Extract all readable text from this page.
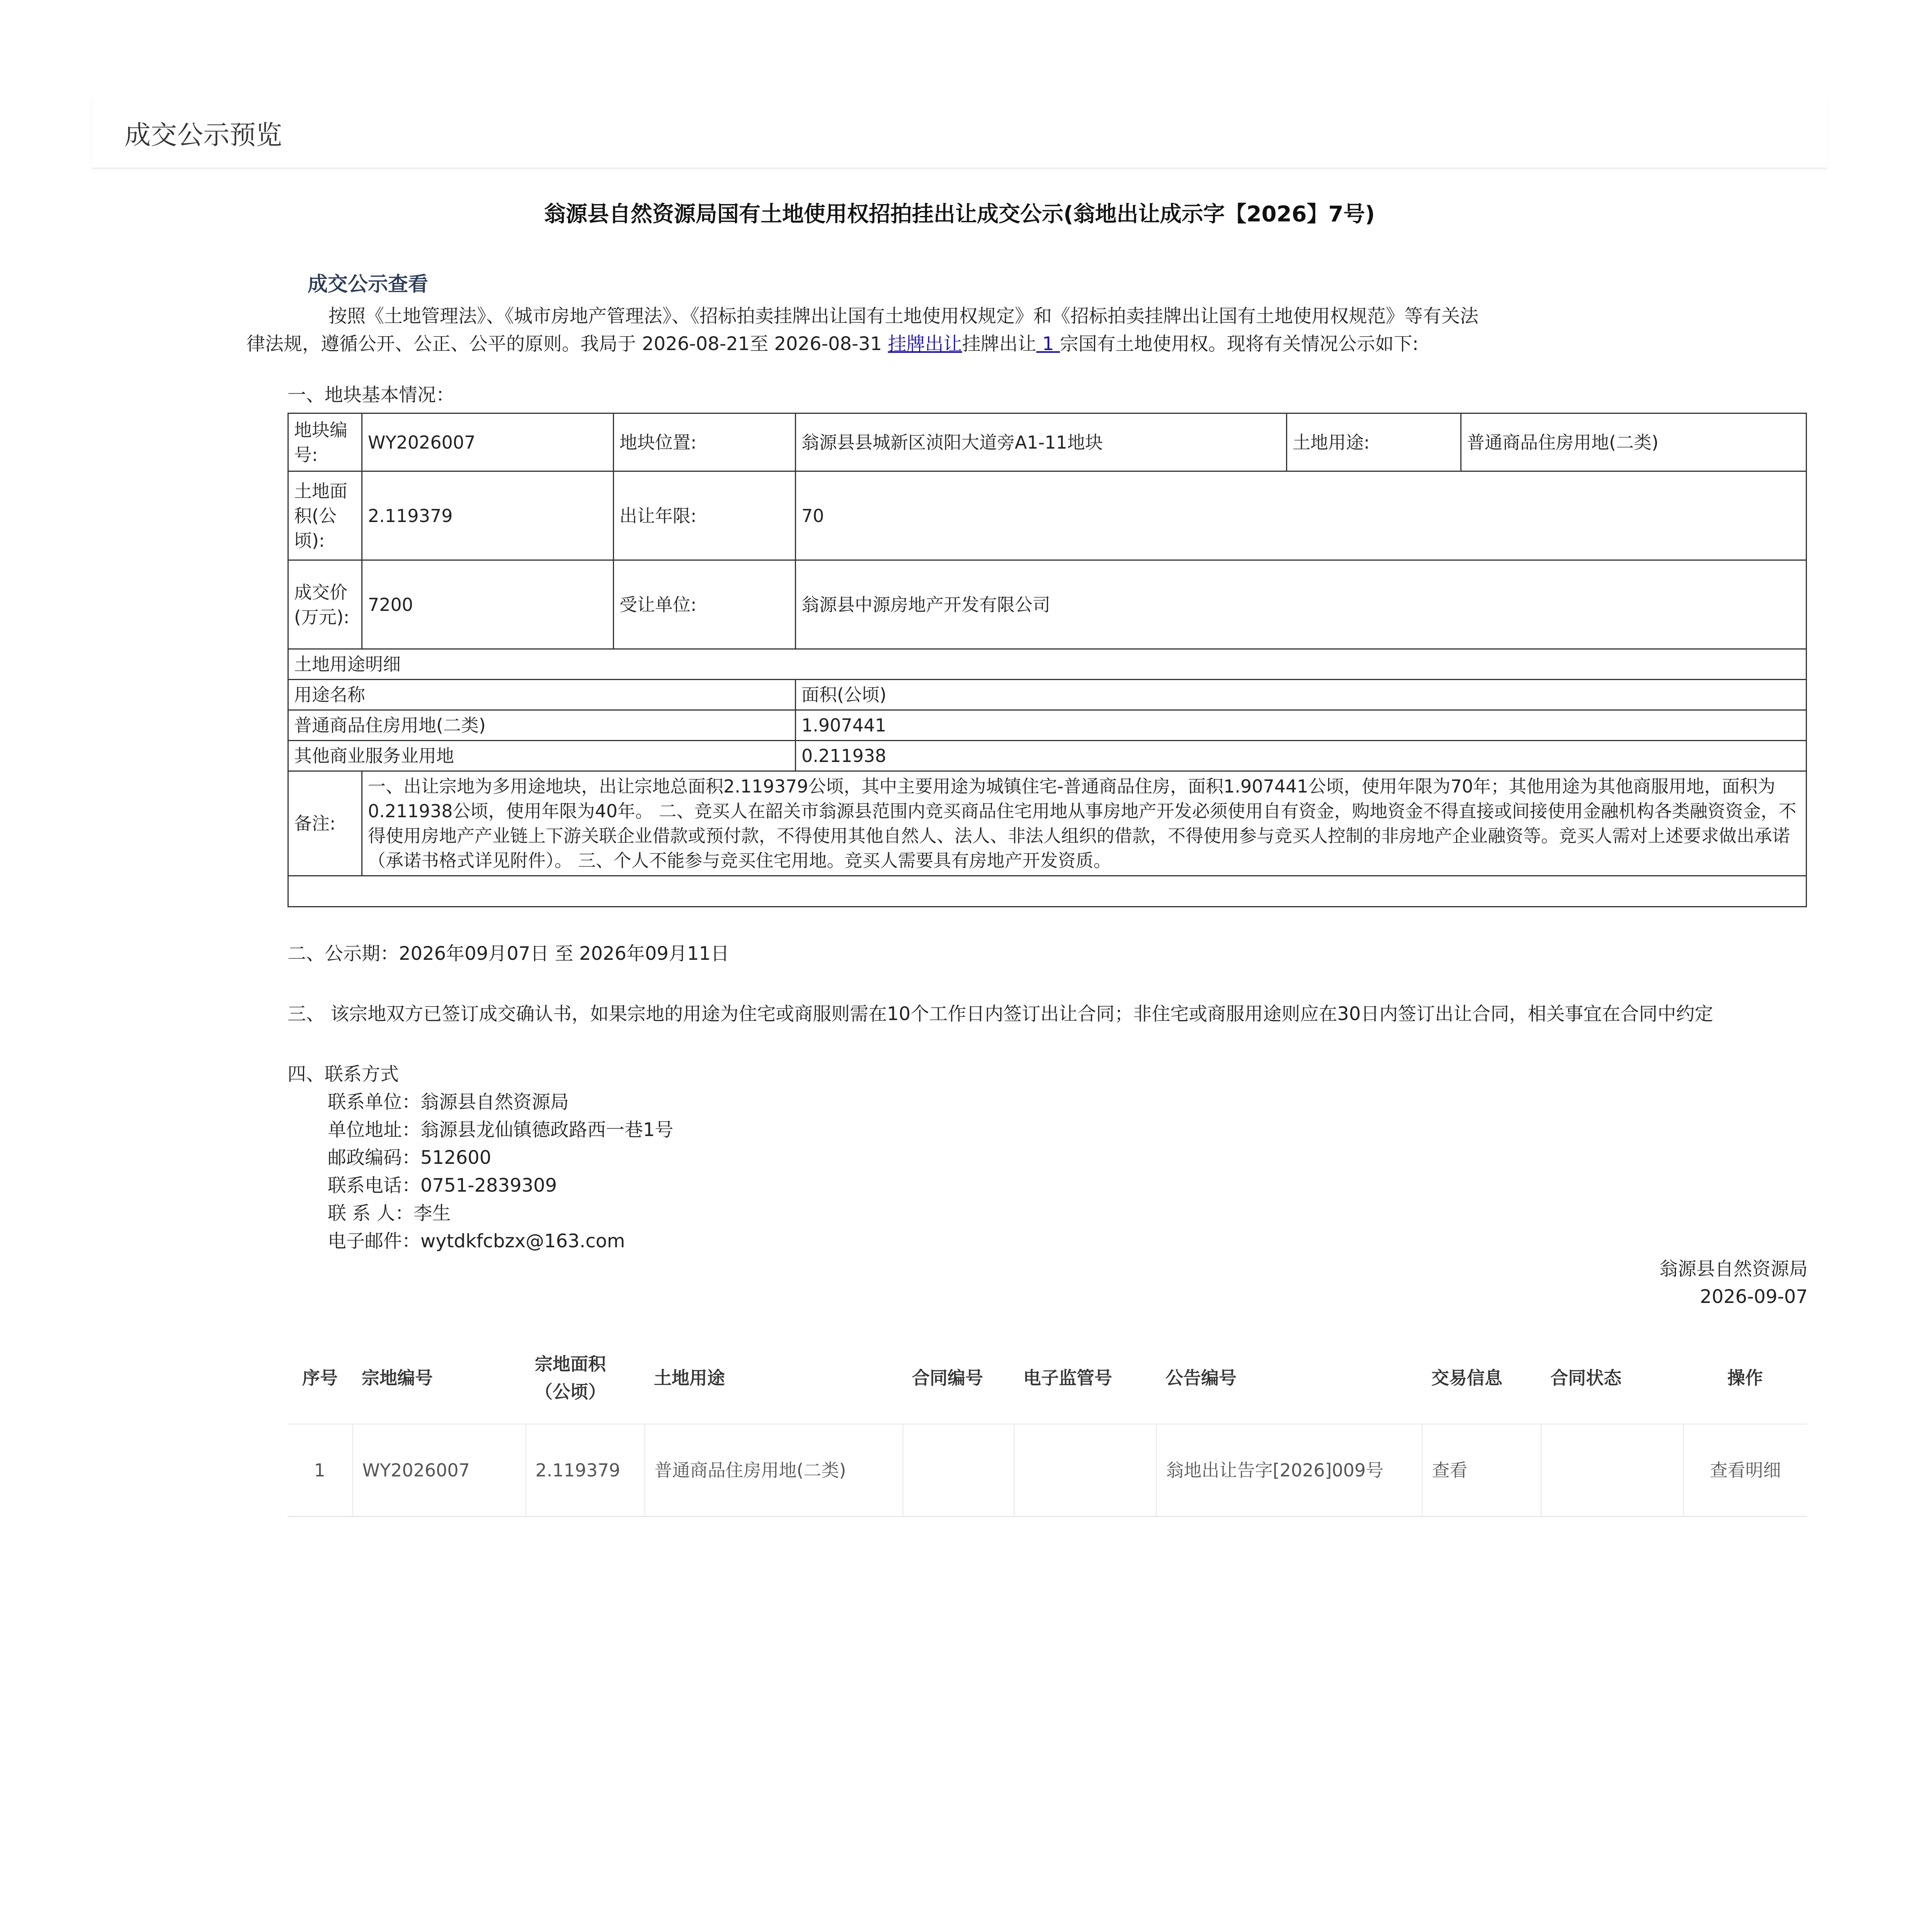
成交公示预览
翁源县自然资源局国有土地使用权招拍挂出让成交公示(翁地出让成示字【2026】7号)
成交公示查看
按照《土地管理法》、《城市房地产管理法》、《招标拍卖挂牌出让国有土地使用权规定》和《招标拍卖挂牌出让国有土地使用权规范》等有关法
律法规，遵循公开、公正、公平的原则。我局于 2026-08-21至 2026-08-31 挂牌出让挂牌出让 1 宗国有土地使用权。现将有关情况公示如下:
一、地块基本情况：
地块编号:	WY2026007	地块位置:	翁源县县城新区浈阳大道旁A1-11地块	土地用途:	普通商品住房用地(二类)
土地面积(公顷):	2.119379	出让年限:	70		
成交价(万元):	7200	受让单位:	翁源县中源房地产开发有限公司		
土地用途明细					
用途名称			面积(公顷)		
普通商品住房用地(二类)			1.907441		
其他商业服务业用地			0.211938		
备注:	一、出让宗地为多用途地块，出让宗地总面积2.119379公顷，其中主要用途为城镇住宅-普通商品住房，面积1.907441公顷，使用年限为70年；其他用途为其他商服用地，面积为0.211938公顷，使用年限为40年。 二、竞买人在韶关市翁源县范围内竞买商品住宅用地从事房地产开发必须使用自有资金，购地资金不得直接或间接使用金融机构各类融资资金，不得使用房地产产业链上下游关联企业借款或预付款，不得使用其他自然人、法人、非法人组织的借款，不得使用参与竞买人控制的非房地产企业融资等。竞买人需对上述要求做出承诺（承诺书格式详见附件）。 三、个人不能参与竞买住宅用地。竞买人需要具有房地产开发资质。				

二、公示期：2026年09月07日 至 2026年09月11日
三、 该宗地双方已签订成交确认书，如果宗地的用途为住宅或商服则需在10个工作日内签订出让合同；非住宅或商服用途则应在30日内签订出让合同，相关事宜在合同中约定
四、联系方式
联系单位：翁源县自然资源局
单位地址：翁源县龙仙镇德政路西一巷1号
邮政编码：512600
联系电话：0751-2839309
联 系 人：李生
电子邮件：wytdkfcbzx@163.com
翁源县自然资源局
2026-09-07
序号	宗地编号	宗地面积（公顷）	土地用途	合同编号	电子监管号	公告编号	交易信息	合同状态	操作
1	WY2026007	2.119379	普通商品住房用地(二类)			翁地出让告字[2026]009号	查看		查看明细
